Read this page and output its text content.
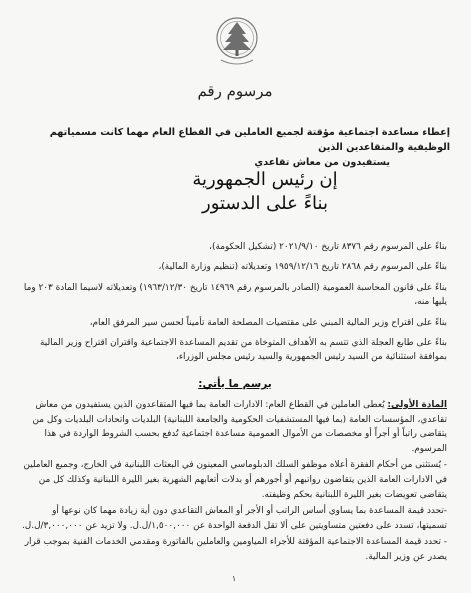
مرسوم رقم
إعطاء مساعدة اجتماعية مؤقتة لجميع العاملين في القطاع العام مهما كانت مسمياتهم الوظيفية والمتقاعدين الذين
يستفيدون من معاش تقاعدي
إن رئيس الجمهورية
بناءً على الدستور

بناءً على المرسوم رقم ٨٣٧٦ تاريخ ٢٠٢١/٩/١٠ (تشكيل الحكومة)،

بناءً على المرسوم رقم ٢٨٦٨ تاريخ ١٩٥٩/١٢/١٦ وتعديلاته (تنظيم وزارة المالية)،

بناءً على قانون المحاسبة العمومية (الصادر بالمرسوم رقم ١٤٩٦٩ تاريخ ١٩٦٣/١٢/٣٠) وتعديلاته لاسيما المادة ٢٠٣ وما يليها منه،

بناءً على اقتراح وزير المالية المبني على مقتضيات المصلحة العامة تأميناً لحسن سير المرفق العام،

بناءً على طابع العجلة الذي تتسم به الأهداف المتوخاة من تقديم المساعدة الاجتماعية واقتران اقتراح وزير المالية بموافقة استثنائية من السيد رئيس الجمهورية والسيد رئيس مجلس الوزراء،

يرسم ما يأتي:

المادة الأولى: يُعطى العاملين في القطاع العام: الادارات العامة بما فيها المتقاعدون الذين يستفيدون من معاش تقاعدي، المؤسسات العامة (بما فيها المستشفيات الحكومية والجامعة اللبنانية) البلديات واتحادات البلديات وكل من يتقاضى راتباً أو أجراً أو مخصصات من الأموال العمومية مساعدة اجتماعية تُدفع بحسب الشروط الواردة في هذا المرسوم.

- يُستثنى من أحكام الفقرة أعلاه موظفو السلك الدبلوماسي المعينون في البعثات اللبنانية في الخارج، وجميع العاملين في الادارات العامة الذين يتقاضون رواتبهم أو أجورهم أو بدلات أتعابهم الشهرية بغير الليرة اللبنانية وكذلك كل من يتقاضى تعويضات بغير الليرة اللبنانية بحكم وظيفته.

-تحدد قيمة المساعدة بما يساوي أساس الراتب أو الأجر أو المعاش التقاعدي دون أية زيادة مهما كان نوعها أو تسميتها، تسدد على دفعتين متساويتين على ألا تقل الدفعة الواحدة عن ١,٥٠٠,٠٠٠/ل.ل. ولا تزيد عن ٣,٠٠٠,٠٠٠/ل.ل.

- تحدد قيمة المساعدة الاجتماعية المؤقتة للأجراء المياومين والعاملين بالفاتورة ومقدمي الخدمات الفنية بموجب قرار يصدر عن وزير المالية.

١
